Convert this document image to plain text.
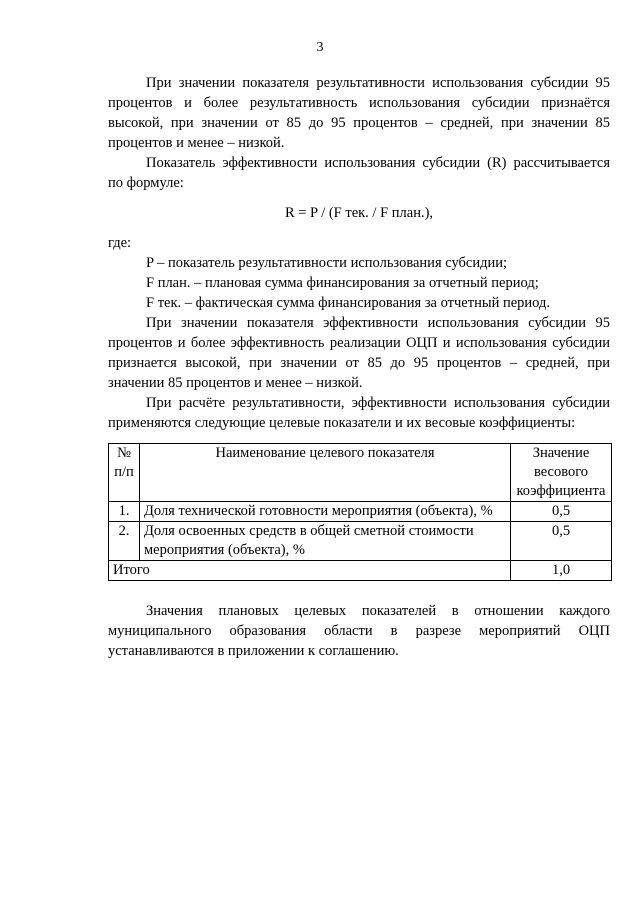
3

При значении показателя результативности использования субсидии 95 процентов и более результативность использования субсидии признаётся высокой, при значении от 85 до 95 процентов – средней, при значении 85 процентов и менее – низкой.

Показатель эффективности использования субсидии (R) рассчитывается по формуле:

R = P / (F тек. / F план.),

где:

P – показатель результативности использования субсидии;

F план. – плановая сумма финансирования за отчетный период;

F тек. – фактическая сумма финансирования за отчетный период.

При значении показателя эффективности использования субсидии 95 процентов и более эффективность реализации ОЦП и использования субсидии признается высокой, при значении от 85 до 95 процентов – средней, при значении 85 процентов и менее – низкой.

При расчёте результативности, эффективности использования субсидии применяются следующие целевые показатели и их весовые коэффициенты:

№ п/п	Наименование целевого показателя	Значение весового коэффициента
1.	Доля технической готовности мероприятия (объекта), %	0,5
2.	Доля освоенных средств в общей сметной стоимости мероприятия (объекта), %	0,5
Итого		1,0

Значения плановых целевых показателей в отношении каждого муниципального образования области в разрезе мероприятий ОЦП устанавливаются в приложении к соглашению.
